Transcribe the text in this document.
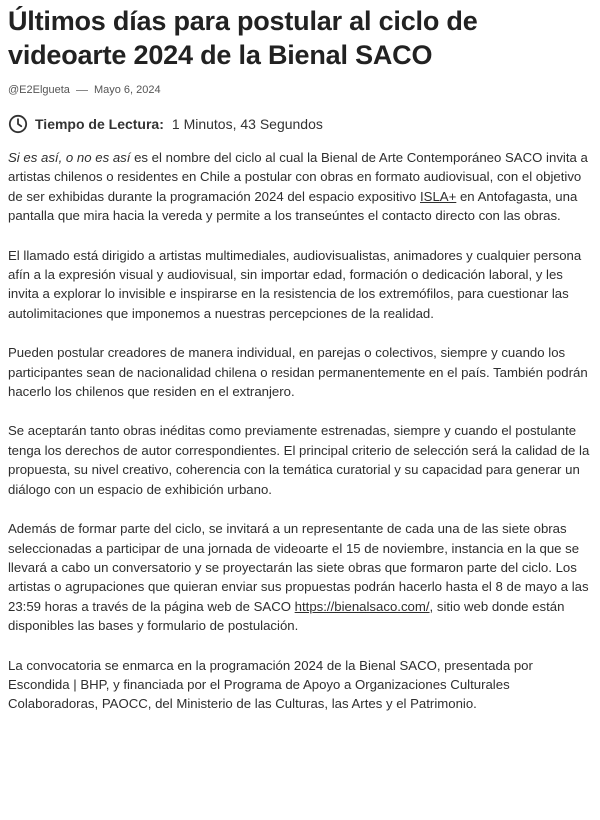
Últimos días para postular al ciclo de videoarte 2024 de la Bienal SACO
@E2Elgueta Mayo 6, 2024
Tiempo de Lectura: 1 Minutos, 43 Segundos

Si es así, o no es así es el nombre del ciclo al cual la Bienal de Arte Contemporáneo SACO invita a artistas chilenos o residentes en Chile a postular con obras en formato audiovisual, con el objetivo de ser exhibidas durante la programación 2024 del espacio expositivo ISLA+ en Antofagasta, una pantalla que mira hacia la vereda y permite a los transeúntes el contacto directo con las obras.

El llamado está dirigido a artistas multimediales, audiovisualistas, animadores y cualquier persona afín a la expresión visual y audiovisual, sin importar edad, formación o dedicación laboral, y les invita a explorar lo invisible e inspirarse en la resistencia de los extremófilos, para cuestionar las autolimitaciones que imponemos a nuestras percepciones de la realidad.

Pueden postular creadores de manera individual, en parejas o colectivos, siempre y cuando los participantes sean de nacionalidad chilena o residan permanentemente en el país. También podrán hacerlo los chilenos que residen en el extranjero.

Se aceptarán tanto obras inéditas como previamente estrenadas, siempre y cuando el postulante tenga los derechos de autor correspondientes. El principal criterio de selección será la calidad de la propuesta, su nivel creativo, coherencia con la temática curatorial y su capacidad para generar un diálogo con un espacio de exhibición urbano.

Además de formar parte del ciclo, se invitará a un representante de cada una de las siete obras seleccionadas a participar de una jornada de videoarte el 15 de noviembre, instancia en la que se llevará a cabo un conversatorio y se proyectarán las siete obras que formaron parte del ciclo. Los artistas o agrupaciones que quieran enviar sus propuestas podrán hacerlo hasta el 8 de mayo a las 23:59 horas a través de la página web de SACO https://bienalsaco.com/, sitio web donde están disponibles las bases y formulario de postulación.

La convocatoria se enmarca en la programación 2024 de la Bienal SACO, presentada por Escondida | BHP, y financiada por el Programa de Apoyo a Organizaciones Culturales Colaboradoras, PAOCC, del Ministerio de las Culturas, las Artes y el Patrimonio.
